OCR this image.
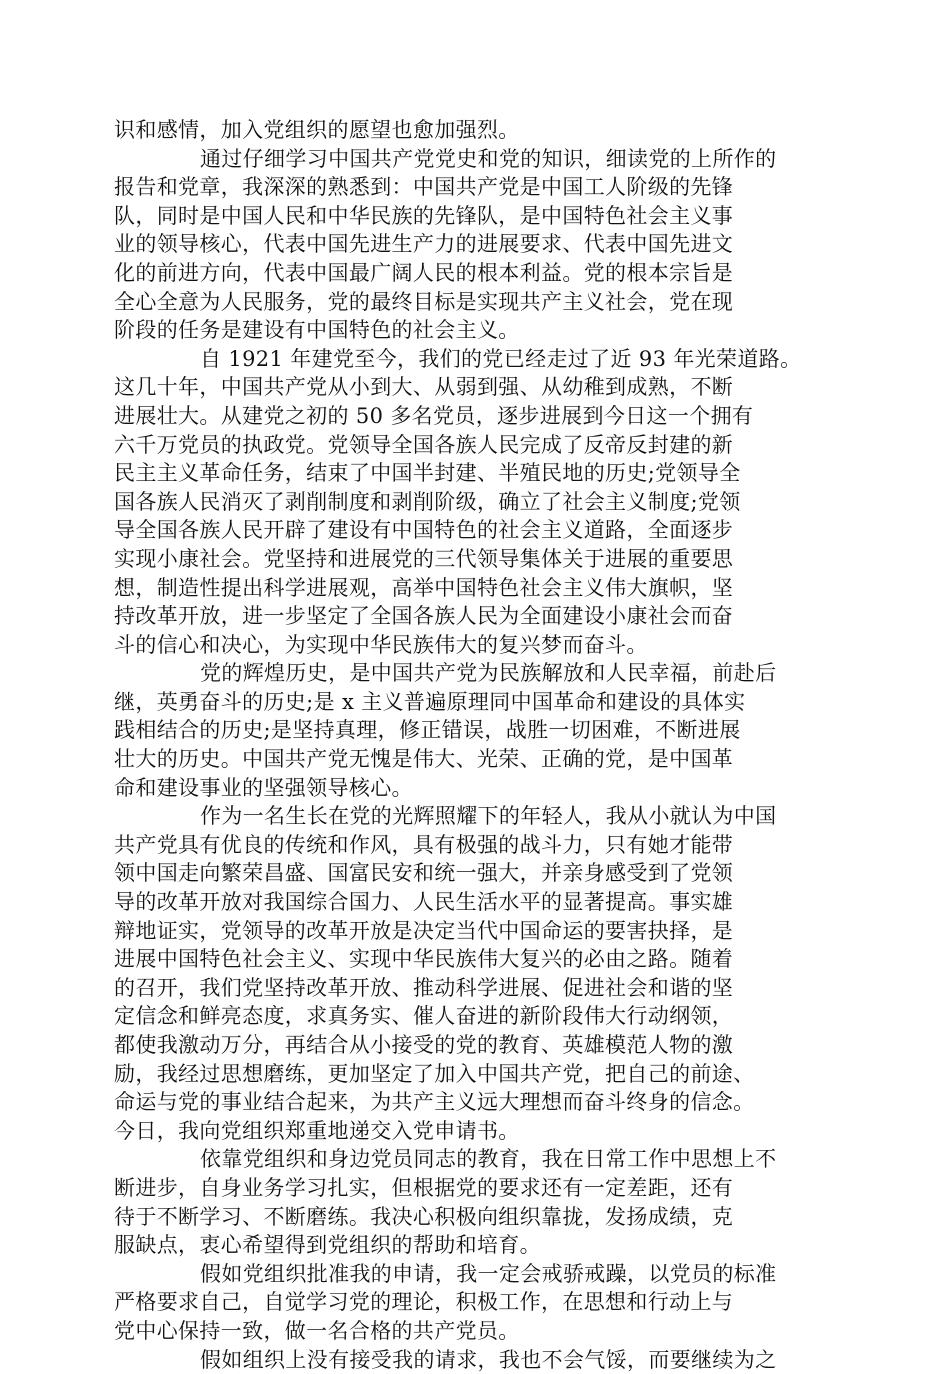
识和感情，加入党组织的愿望也愈加强烈。
通过仔细学习中国共产党党史和党的知识，细读党的上所作的
报告和党章，我深深的熟悉到：中国共产党是中国工人阶级的先锋
队，同时是中国人民和中华民族的先锋队，是中国特色社会主义事
业的领导核心，代表中国先进生产力的进展要求、代表中国先进文
化的前进方向，代表中国最广阔人民的根本利益。党的根本宗旨是
全心全意为人民服务，党的最终目标是实现共产主义社会，党在现
阶段的任务是建设有中国特色的社会主义。
自 1921 年建党至今，我们的党已经走过了近 93 年光荣道路。
这几十年，中国共产党从小到大、从弱到强、从幼稚到成熟，不断
进展壮大。从建党之初的 50 多名党员，逐步进展到今日这一个拥有
六千万党员的执政党。党领导全国各族人民完成了反帝反封建的新
民主主义革命任务，结束了中国半封建、半殖民地的历史;党领导全
国各族人民消灭了剥削制度和剥削阶级，确立了社会主义制度;党领
导全国各族人民开辟了建设有中国特色的社会主义道路，全面逐步
实现小康社会。党坚持和进展党的三代领导集体关于进展的重要思
想，制造性提出科学进展观，高举中国特色社会主义伟大旗帜，坚
持改革开放，进一步坚定了全国各族人民为全面建设小康社会而奋
斗的信心和决心，为实现中华民族伟大的复兴梦而奋斗。
党的辉煌历史，是中国共产党为民族解放和人民幸福，前赴后
继，英勇奋斗的历史;是 x 主义普遍原理同中国革命和建设的具体实
践相结合的历史;是坚持真理，修正错误，战胜一切困难，不断进展
壮大的历史。中国共产党无愧是伟大、光荣、正确的党，是中国革
命和建设事业的坚强领导核心。
作为一名生长在党的光辉照耀下的年轻人，我从小就认为中国
共产党具有优良的传统和作风，具有极强的战斗力，只有她才能带
领中国走向繁荣昌盛、国富民安和统一强大，并亲身感受到了党领
导的改革开放对我国综合国力、人民生活水平的显著提高。事实雄
辩地证实，党领导的改革开放是决定当代中国命运的要害抉择，是
进展中国特色社会主义、实现中华民族伟大复兴的必由之路。随着
的召开，我们党坚持改革开放、推动科学进展、促进社会和谐的坚
定信念和鲜亮态度，求真务实、催人奋进的新阶段伟大行动纲领，
都使我激动万分，再结合从小接受的党的教育、英雄模范人物的激
励，我经过思想磨练，更加坚定了加入中国共产党，把自己的前途、
命运与党的事业结合起来，为共产主义远大理想而奋斗终身的信念。
今日，我向党组织郑重地递交入党申请书。
依靠党组织和身边党员同志的教育，我在日常工作中思想上不
断进步，自身业务学习扎实，但根据党的要求还有一定差距，还有
待于不断学习、不断磨练。我决心积极向组织靠拢，发扬成绩，克
服缺点，衷心希望得到党组织的帮助和培育。
假如党组织批准我的申请，我一定会戒骄戒躁，以党员的标准
严格要求自己，自觉学习党的理论，积极工作，在思想和行动上与
党中心保持一致，做一名合格的共产党员。
假如组织上没有接受我的请求，我也不会气馁，而要继续为之
